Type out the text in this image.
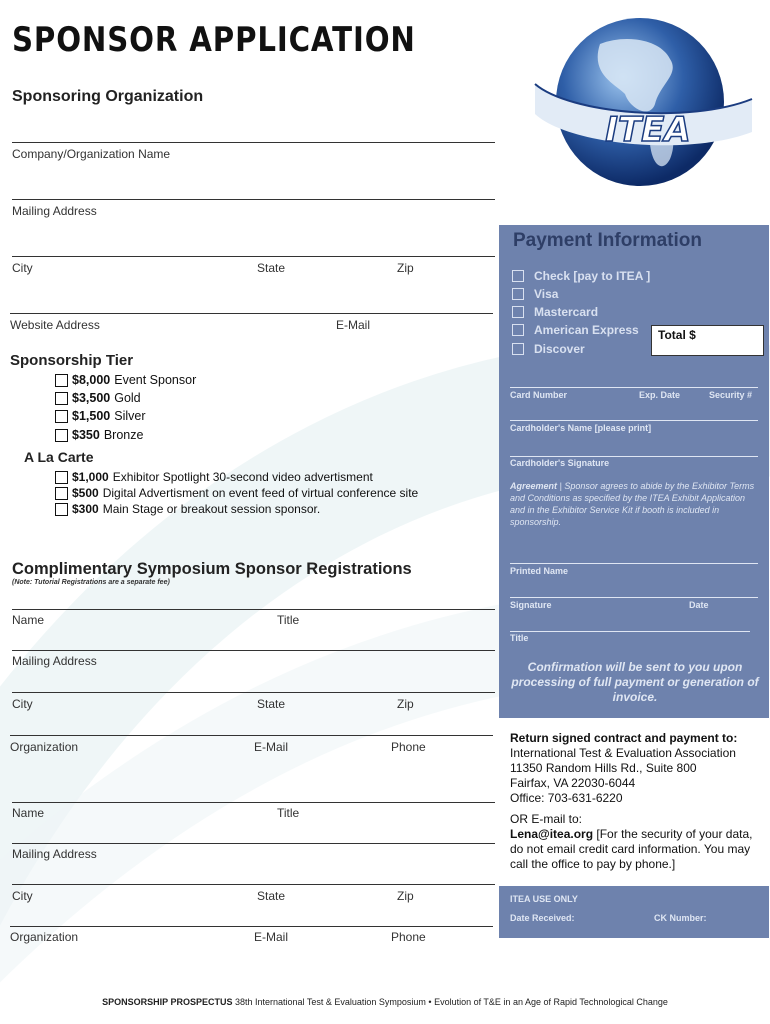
SPONSOR APPLICATION
ITEA
Sponsoring Organization
Company/Organization Name
Mailing Address
City	State	Zip
Website Address	E-Mail
Sponsorship Tier
$8,000 Event Sponsor
$3,500 Gold
$1,500 Silver
$350 Bronze
A La Carte
$1,000 Exhibitor Spotlight 30-second video advertisment
$500 Digital Advertisment on event feed of virtual conference site
$300 Main Stage or breakout session sponsor.
Complimentary Symposium Sponsor Registrations
(Note: Tutorial Registrations are a separate fee)
Name	Title
Mailing Address
City	State	Zip
Organization	E-Mail	Phone
Name	Title
Mailing Address
City	State	Zip
Organization	E-Mail	Phone
Payment Information
Check [pay to ITEA ]
Visa
Mastercard
American Express
Discover
Total $
Card Number	Exp. Date	Security #
Cardholder's Name [please print]
Cardholder's Signature
Agreement | Sponsor agrees to abide by the Exhibitor Terms and Conditions as specified by the ITEA Exhibit Application and in the Exhibitor Service Kit if booth is included in sponsorship.
Printed Name
Signature	Date
Title
Confirmation will be sent to you upon processing of full payment or generation of invoice.
Return signed contract and payment to:
International Test & Evaluation Association
11350 Random Hills Rd., Suite 800
Fairfax, VA 22030-6044
Office: 703-631-6220
OR E-mail to:
Lena@itea.org [For the security of your data, do not email credit card information. You may call the office to pay by phone.]
ITEA USE ONLY
Date Received:	CK Number:
SPONSORSHIP PROSPECTUS 38th International Test & Evaluation Symposium • Evolution of T&E in an Age of Rapid Technological Change
